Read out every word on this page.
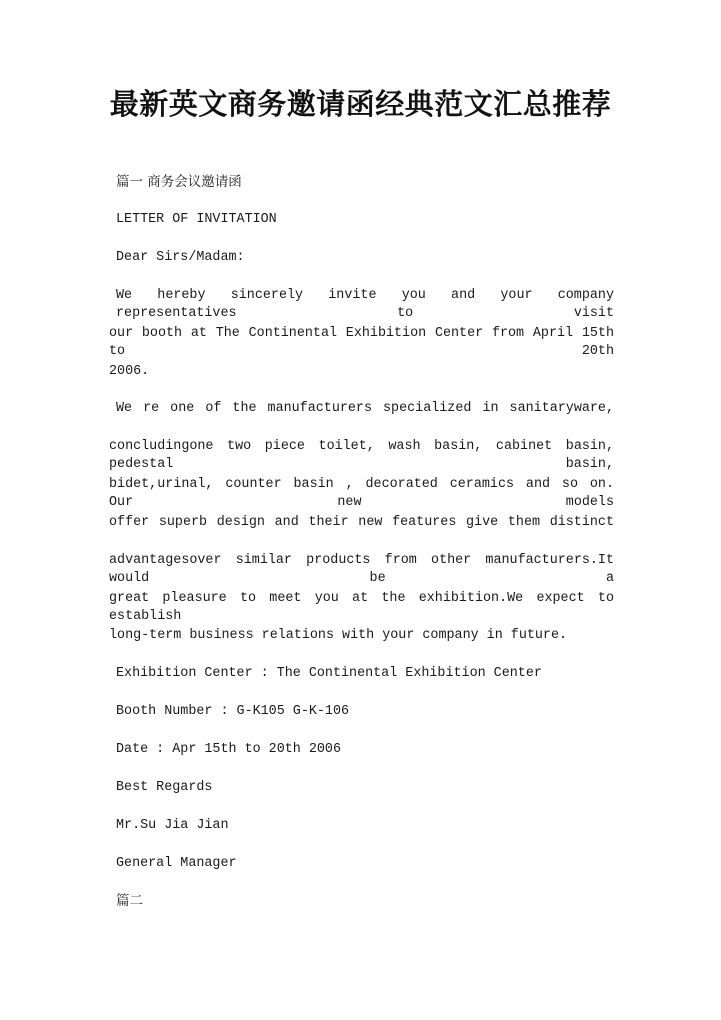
最新英文商务邀请函经典范文汇总推荐
篇一 商务会议邀请函
LETTER OF INVITATION
Dear Sirs/Madam:
We hereby sincerely invite you and your company representatives to visit
our booth at The Continental Exhibition Center from April 15th to 20th
2006.
We re one of the manufacturers specialized in sanitaryware,
concludingone two piece toilet, wash basin, cabinet basin, pedestal basin,
bidet,urinal, counter basin , decorated ceramics and so on. Our new models
offer superb design and their new features give them distinct
advantagesover similar products from other manufacturers.It would be a
great pleasure to meet you at the exhibition.We expect to establish
long-term business relations with your company in future.
Exhibition Center : The Continental Exhibition Center
Booth Number : G-K105 G-K-106
Date : Apr 15th to 20th 2006
Best Regards
Mr.Su Jia Jian
General Manager
篇二
